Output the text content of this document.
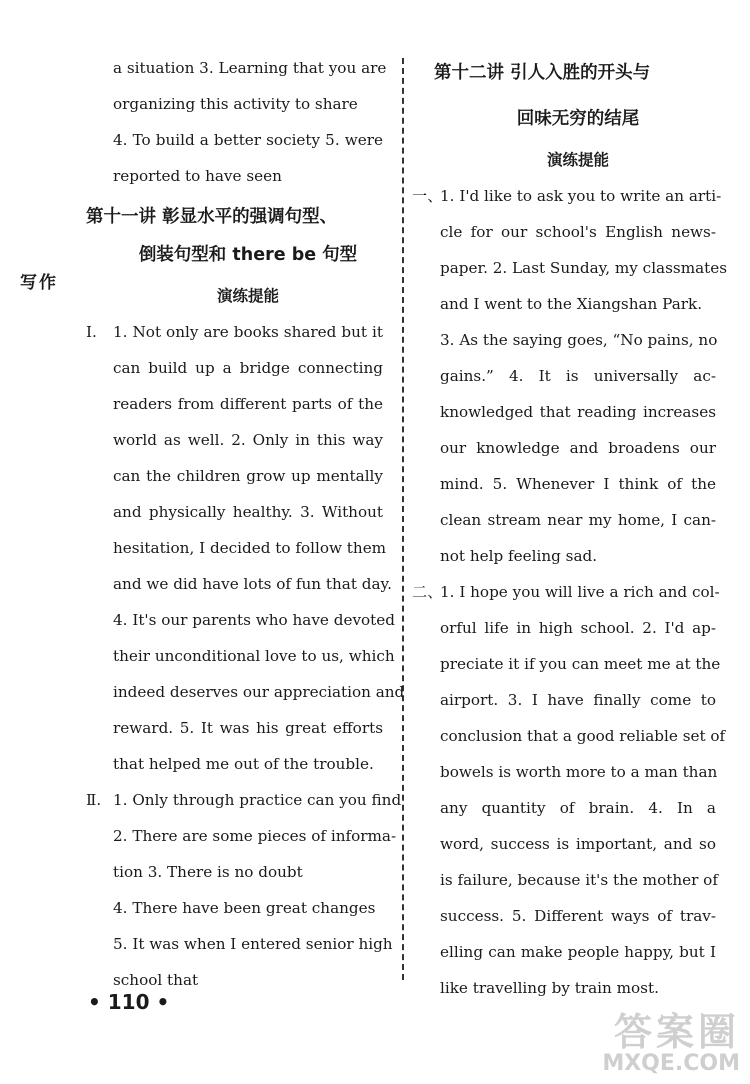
写作
a situation 3. Learning that you are
organizing this activity to share
4. To build a better society 5. were
reported to have seen
第十一讲 彰显水平的强调句型、
倒装句型和 there be 句型
演练提能
Ⅰ. 1. Not only are books shared but it
can build up a bridge connecting
readers from different parts of the
world as well. 2. Only in this way
can the children grow up mentally
and physically healthy. 3. Without
hesitation, I decided to follow them
and we did have lots of fun that day.
4. It's our parents who have devoted
their unconditional love to us, which
indeed deserves our appreciation and
reward. 5. It was his great efforts
that helped me out of the trouble.
Ⅱ. 1. Only through practice can you find
2. There are some pieces of informa-
tion 3. There is no doubt
4. There have been great changes
5. It was when I entered senior high
school that
第十二讲 引人入胜的开头与
回味无穷的结尾
演练提能
一、
1. I'd like to ask you to write an arti-
cle for our school's English news-
paper. 2. Last Sunday, my classmates
and I went to the Xiangshan Park.
3. As the saying goes, “No pains, no
gains.” 4. It is universally ac-
knowledged that reading increases
our knowledge and broadens our
mind. 5. Whenever I think of the
clean stream near my home, I can-
not help feeling sad.
二、
1. I hope you will live a rich and col-
orful life in high school. 2. I'd ap-
preciate it if you can meet me at the
airport. 3. I have finally come to
conclusion that a good reliable set of
bowels is worth more to a man than
any quantity of brain. 4. In a
word, success is important, and so
is failure, because it's the mother of
success. 5. Different ways of trav-
elling can make people happy, but I
like travelling by train most.
• 110 •
答案圈
MXQE.COM
